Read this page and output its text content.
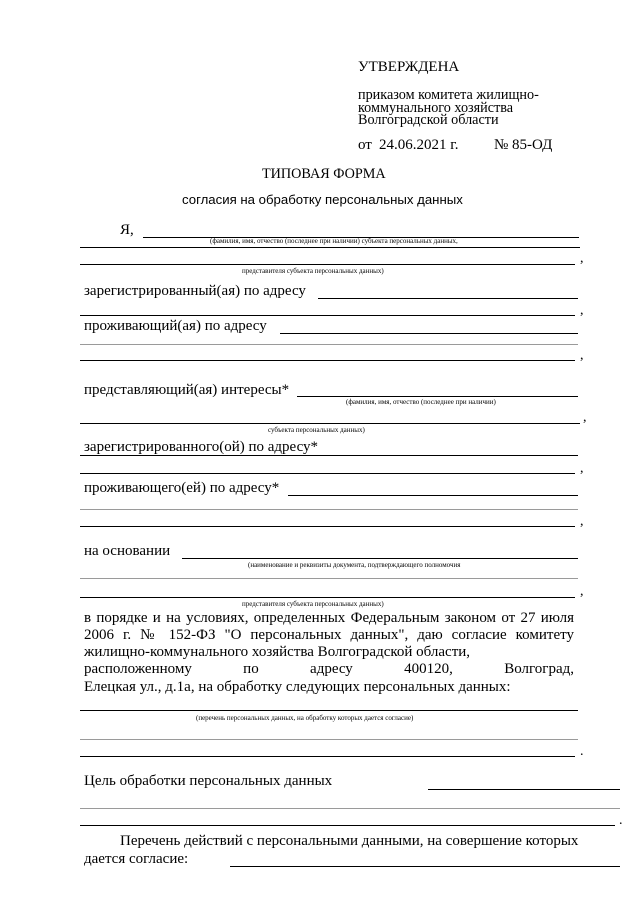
УТВЕРЖДЕНА
приказом комитета жилищно-
коммунального хозяйства
Волгоградской области
от 24.06.2021 г. № 85-ОД
ТИПОВАЯ ФОРМА
согласия на обработку персональных данных
Я,
(фамилия, имя, отчество (последнее при наличии) субъекта персональных данных,
,
представителя субъекта персональных данных)
зарегистрированный(ая) по адресу
,
проживающий(ая) по адресу
,
представляющий(ая) интересы*
(фамилия, имя, отчество (последнее при наличии)
,
субъекта персональных данных)
зарегистрированного(ой) по адресу*
,
проживающего(ей) по адресу*
,
на основании
(наименование и реквизиты документа, подтверждающего полномочия
,
представителя субъекта персональных данных)
в порядке и на условиях, определенных Федеральным законом от 27 июля 2006 г. № 152-ФЗ "О персональных данных", даю согласие комитету жилищно-коммунального хозяйства Волгоградской области,
расположенному	по	адресу	400120,	Волгоград,
Елецкая ул., д.1а, на обработку следующих персональных данных:
(перечень персональных данных, на обработку которых дается согласие)
.
Цель обработки персональных данных
.
Перечень действий с персональными данными, на совершение которых
дается согласие:
